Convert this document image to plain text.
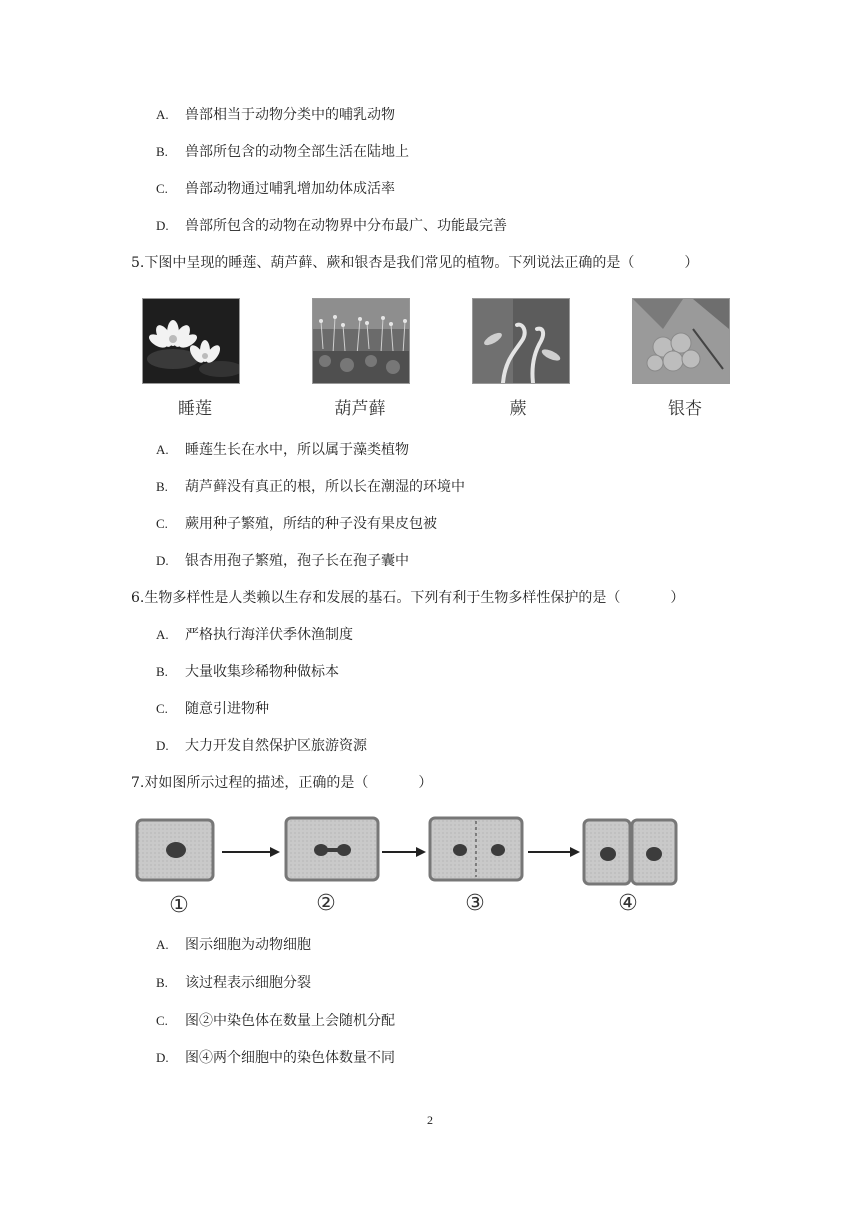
A. 兽部相当于动物分类中的哺乳动物
B. 兽部所包含的动物全部生活在陆地上
C. 兽部动物通过哺乳增加幼体成活率
D. 兽部所包含的动物在动物界中分布最广、功能最完善
5.下图中呈现的睡莲、葫芦藓、蕨和银杏是我们常见的植物。下列说法正确的是（	）
睡莲	葫芦藓	蕨	银杏
A. 睡莲生长在水中，所以属于藻类植物
B. 葫芦藓没有真正的根，所以长在潮湿的环境中
C. 蕨用种子繁殖，所结的种子没有果皮包被
D. 银杏用孢子繁殖，孢子长在孢子囊中
6.生物多样性是人类赖以生存和发展的基石。下列有利于生物多样性保护的是（	）
A. 严格执行海洋伏季休渔制度
B. 大量收集珍稀物种做标本
C. 随意引进物种
D. 大力开发自然保护区旅游资源
7.对如图所示过程的描述，正确的是（	）
①	②	③	④
A. 图示细胞为动物细胞
B. 该过程表示细胞分裂
C. 图②中染色体在数量上会随机分配
D. 图④两个细胞中的染色体数量不同
2
